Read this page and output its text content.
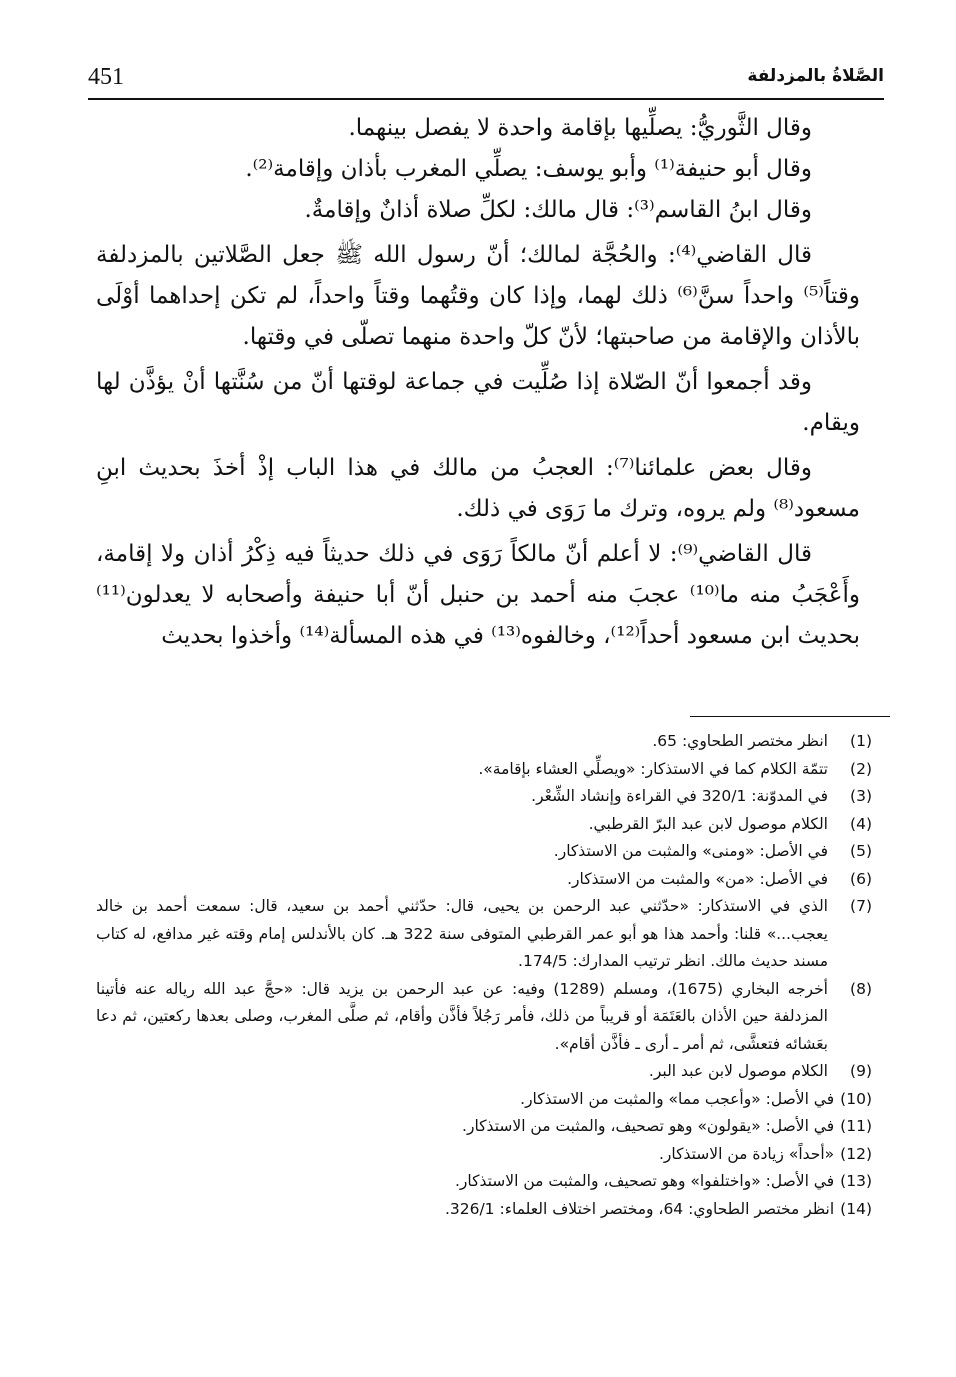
451	الصَّلاةُ بالمزدلفة

وقال الثَّوريُّ: يصلِّيها بإقامة واحدة لا يفصل بينهما.

وقال أبو حنيفة⁽¹⁾ وأبو يوسف: يصلِّي المغرب بأذان وإقامة⁽²⁾.

وقال ابنُ القاسم⁽³⁾: قال مالك: لكلِّ صلاة أذانٌ وإقامةٌ.

قال القاضي⁽⁴⁾: والحُجَّة لمالك؛ أنّ رسول الله ﷺ جعل الصَّلاتين بالمزدلفة وقتاً⁽⁵⁾ واحداً سنَّ⁽⁶⁾ ذلك لهما، وإذا كان وقتُهما وقتاً واحداً، لم تكن إحداهما أوْلَى بالأذان والإقامة من صاحبتها؛ لأنّ كلّ واحدة منهما تصلّى في وقتها.

وقد أجمعوا أنّ الصّلاة إذا صُلِّيت في جماعة لوقتها أنّ من سُنَّتها أنْ يؤذَّن لها ويقام.

وقال بعض علمائنا⁽⁷⁾: العجبُ من مالك في هذا الباب إذْ أخذَ بحديث ابنِ مسعود⁽⁸⁾ ولم يروه، وترك ما رَوَى في ذلك.

قال القاضي⁽⁹⁾: لا أعلم أنّ مالكاً رَوَى في ذلك حديثاً فيه ذِكْرُ أذان ولا إقامة، وأَعْجَبُ منه ما⁽¹⁰⁾ عجبَ منه أحمد بن حنبل أنّ أبا حنيفة وأصحابه لا يعدلون⁽¹¹⁾ بحديث ابن مسعود أحداً⁽¹²⁾، وخالفوه⁽¹³⁾ في هذه المسألة⁽¹⁴⁾ وأخذوا بحديث

(1)
انظر مختصر الطحاوي: 65.
(2)
تتمّة الكلام كما في الاستذكار: «ويصلِّي العشاء بإقامة».
(3)
في المدوّنة: 320/1 في القراءة وإنشاد الشِّعْر.
(4)
الكلام موصول لابن عبد البرّ القرطبي.
(5)
في الأصل: «ومنى» والمثبت من الاستذكار.
(6)
في الأصل: «من» والمثبت من الاستذكار.
(7)
الذي في الاستذكار: «حدّثني عبد الرحمن بن يحيى، قال: حدّثني أحمد بن سعيد، قال: سمعت أحمد بن خالد يعجب...» قلنا: وأحمد هذا هو أبو عمر القرطبي المتوفى سنة 322 هـ. كان بالأندلس إمام وقته غير مدافع، له كتاب مسند حديث مالك. انظر ترتيب المدارك: 174/5.
(8)
أخرجه البخاري (1675)، ومسلم (1289) وفيه: عن عبد الرحمن بن يزيد قال: «حجَّ عبد الله رياله عنه فأتينا المزدلفة حين الأذان بالعَتَمَة أو قريباً من ذلك، فأمر رَجُلاً فأذَّن وأقام، ثم صلَّى المغرب، وصلى بعدها ركعتين، ثم دعا بعَشائه فتعشَّى، ثم أمر ـ أرى ـ فأذَّن أقام».
(9)
الكلام موصول لابن عبد البر.
(10)في الأصل: «وأعجب مما» والمثبت من الاستذكار.
(11)في الأصل: «يقولون» وهو تصحيف، والمثبت من الاستذكار.
(12)«أحداً» زيادة من الاستذكار.
(13)في الأصل: «واختلفوا» وهو تصحيف، والمثبت من الاستذكار.
(14)انظر مختصر الطحاوي: 64، ومختصر اختلاف العلماء: 326/1.
